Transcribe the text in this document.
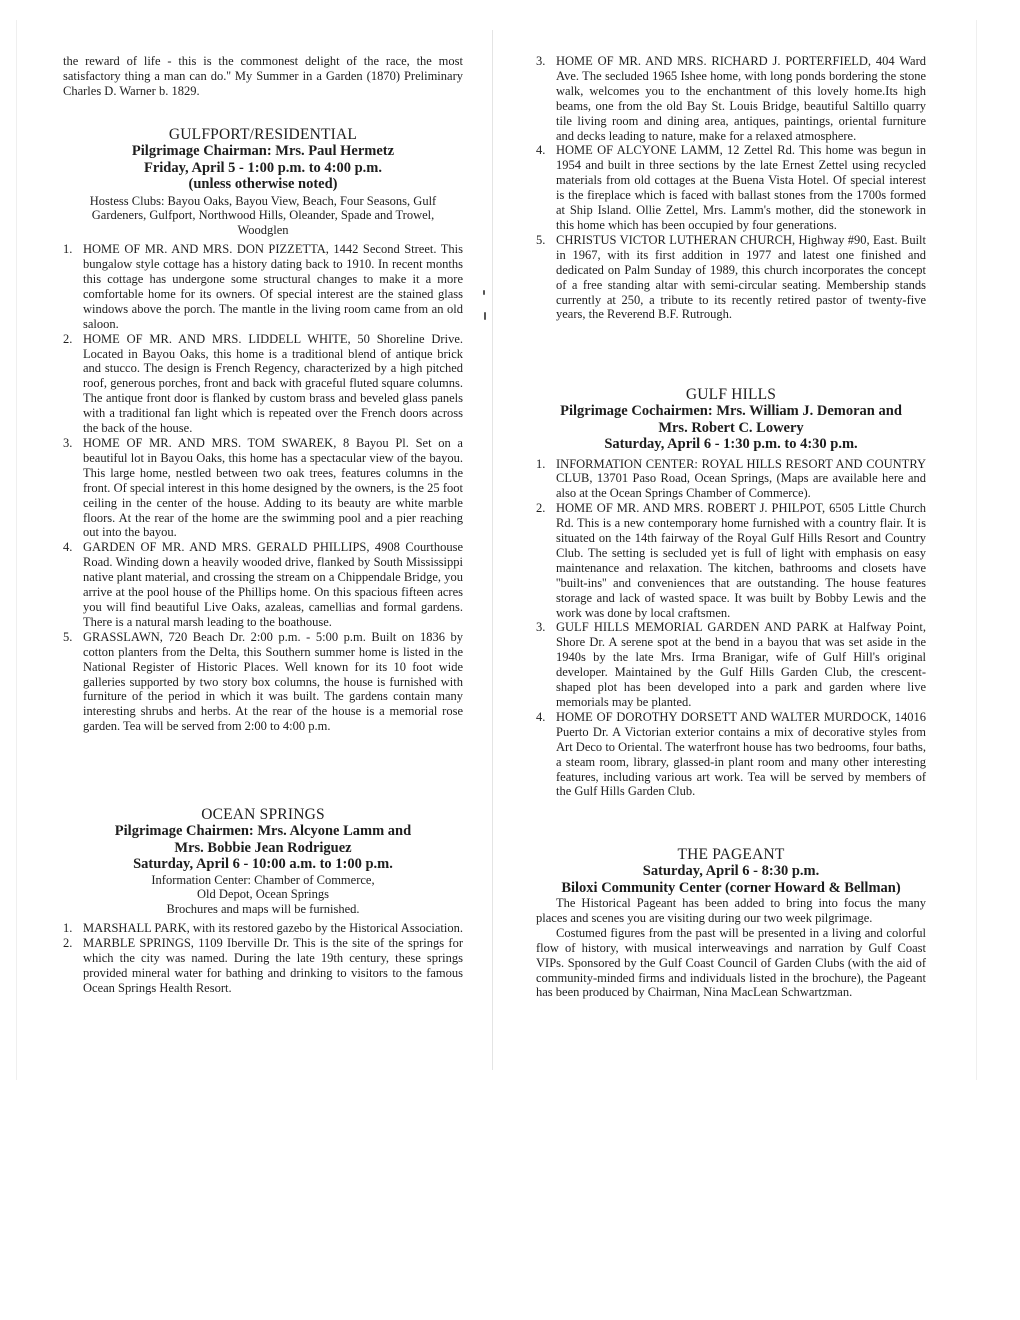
the reward of life - this is the commonest delight of the race, the most satisfactory thing a man can do.'' My Summer in a Garden (1870) Preliminary Charles D. Warner b. 1829.

GULFPORT/RESIDENTIAL
Pilgrimage Chairman: Mrs. Paul Hermetz
Friday, April 5 - 1:00 p.m. to 4:00 p.m.
(unless otherwise noted)

Hostess Clubs: Bayou Oaks, Bayou View, Beach, Four Seasons, Gulf Gardeners, Gulfport, Northwood Hills, Oleander, Spade and Trowel, Woodglen

1. HOME OF MR. AND MRS. DON PIZZETTA, 1442 Second Street. This bungalow style cottage has a history dating back to 1910. In recent months this cottage has undergone some structural changes to make it a more comfortable home for its owners. Of special interest are the stained glass windows above the porch. The mantle in the living room came from an old saloon.
2. HOME OF MR. AND MRS. LIDDELL WHITE, 50 Shoreline Drive. Located in Bayou Oaks, this home is a traditional blend of antique brick and stucco. The design is French Regency, characterized by a high pitched roof, generous porches, front and back with graceful fluted square columns. The antique front door is flanked by custom brass and beveled glass panels with a traditional fan light which is repeated over the French doors across the back of the house.
3. HOME OF MR. AND MRS. TOM SWAREK, 8 Bayou Pl. Set on a beautiful lot in Bayou Oaks, this home has a spectacular view of the bayou. This large home, nestled between two oak trees, features columns in the front. Of special interest in this home designed by the owners, is the 25 foot ceiling in the center of the house. Adding to its beauty are white marble floors. At the rear of the home are the swimming pool and a pier reaching out into the bayou.
4. GARDEN OF MR. AND MRS. GERALD PHILLIPS, 4908 Courthouse Road. Winding down a heavily wooded drive, flanked by South Mississippi native plant material, and crossing the stream on a Chippendale Bridge, you arrive at the pool house of the Phillips home. On this spacious fifteen acres you will find beautiful Live Oaks, azaleas, camellias and formal gardens. There is a natural marsh leading to the boathouse.
5. GRASSLAWN, 720 Beach Dr. 2:00 p.m. - 5:00 p.m. Built on 1836 by cotton planters from the Delta, this Southern summer home is listed in the National Register of Historic Places. Well known for its 10 foot wide galleries supported by two story box columns, the house is furnished with furniture of the period in which it was built. The gardens contain many interesting shrubs and herbs. At the rear of the house is a memorial rose garden. Tea will be served from 2:00 to 4:00 p.m.
OCEAN SPRINGS
Pilgrimage Chairmen: Mrs. Alcyone Lamm and
Mrs. Bobbie Jean Rodriguez
Saturday, April 6 - 10:00 a.m. to 1:00 p.m.

Information Center: Chamber of Commerce,

Old Depot, Ocean Springs

Brochures and maps will be furnished.

1. MARSHALL PARK, with its restored gazebo by the Historical Association.
2. MARBLE SPRINGS, 1109 Iberville Dr. This is the site of the springs for which the city was named. During the late 19th century, these springs provided mineral water for bathing and drinking to visitors to the famous Ocean Springs Health Resort.
3. HOME OF MR. AND MRS. RICHARD J. PORTERFIELD, 404 Ward Ave. The secluded 1965 Ishee home, with long ponds bordering the stone walk, welcomes you to the enchantment of this lovely home.Its high beams, one from the old Bay St. Louis Bridge, beautiful Saltillo quarry tile living room and dining area, antiques, paintings, oriental furniture and decks leading to nature, make for a relaxed atmosphere.
4. HOME OF ALCYONE LAMM, 12 Zettel Rd. This home was begun in 1954 and built in three sections by the late Ernest Zettel using recycled materials from old cottages at the Buena Vista Hotel. Of special interest is the fireplace which is faced with ballast stones from the 1700s formed at Ship Island. Ollie Zettel, Mrs. Lamm's mother, did the stonework in this home which has been occupied by four generations.
5. CHRISTUS VICTOR LUTHERAN CHURCH, Highway #90, East. Built in 1967, with its first addition in 1977 and latest one finished and dedicated on Palm Sunday of 1989, this church incorporates the concept of a free standing altar with semi-circular seating. Membership stands currently at 250, a tribute to its recently retired pastor of twenty-five years, the Reverend B.F. Rutrough.
GULF HILLS
Pilgrimage Cochairmen: Mrs. William J. Demoran and
Mrs. Robert C. Lowery
Saturday, April 6 - 1:30 p.m. to 4:30 p.m.
1. INFORMATION CENTER: ROYAL HILLS RESORT AND COUNTRY CLUB, 13701 Paso Road, Ocean Springs, (Maps are available here and also at the Ocean Springs Chamber of Commerce).
2. HOME OF MR. AND MRS. ROBERT J. PHILPOT, 6505 Little Church Rd. This is a new contemporary home furnished with a country flair. It is situated on the 14th fairway of the Royal Gulf Hills Resort and Country Club. The setting is secluded yet is full of light with emphasis on easy maintenance and relaxation. The kitchen, bathrooms and closets have ''built-ins'' and conveniences that are outstanding. The house features storage and lack of wasted space. It was built by Bobby Lewis and the work was done by local craftsmen.
3. GULF HILLS MEMORIAL GARDEN AND PARK at Halfway Point, Shore Dr. A serene spot at the bend in a bayou that was set aside in the 1940s by the late Mrs. Irma Branigar, wife of Gulf Hill's original developer. Maintained by the Gulf Hills Garden Club, the crescent-shaped plot has been developed into a park and garden where live memorials may be planted.
4. HOME OF DOROTHY DORSETT AND WALTER MURDOCK, 14016 Puerto Dr. A Victorian exterior contains a mix of decorative styles from Art Deco to Oriental. The waterfront house has two bedrooms, four baths, a steam room, library, glassed-in plant room and many other interesting features, including various art work. Tea will be served by members of the Gulf Hills Garden Club.
THE PAGEANT
Saturday, April 6 - 8:30 p.m.
Biloxi Community Center (corner Howard & Bellman)

The Historical Pageant has been added to bring into focus the many places and scenes you are visiting during our two week pilgrimage.

Costumed figures from the past will be presented in a living and colorful flow of history, with musical interweavings and narration by Gulf Coast VIPs. Sponsored by the Gulf Coast Council of Garden Clubs (with the aid of community-minded firms and individuals listed in the brochure), the Pageant has been produced by Chairman, Nina MacLean Schwartzman.
